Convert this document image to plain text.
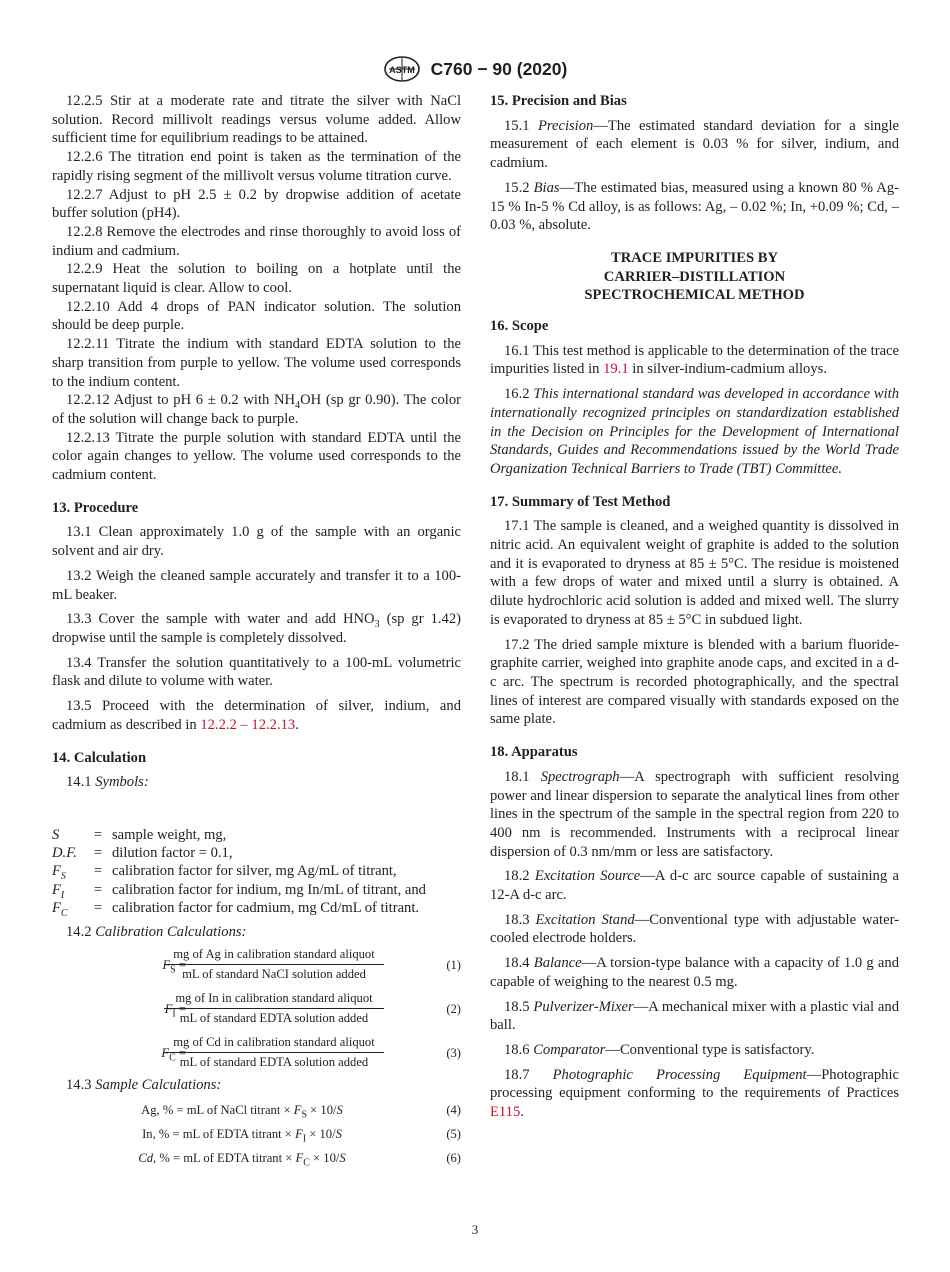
ASTM C760 − 90 (2020)

12.2.5 Stir at a moderate rate and titrate the silver with NaCl solution. Record millivolt readings versus volume added. Allow sufficient time for equilibrium readings to be attained.

12.2.6 The titration end point is taken as the termination of the rapidly rising segment of the millivolt versus volume titration curve.

12.2.7 Adjust to pH 2.5 ± 0.2 by dropwise addition of acetate buffer solution (pH4).

12.2.8 Remove the electrodes and rinse thoroughly to avoid loss of indium and cadmium.

12.2.9 Heat the solution to boiling on a hotplate until the supernatant liquid is clear. Allow to cool.

12.2.10 Add 4 drops of PAN indicator solution. The solution should be deep purple.

12.2.11 Titrate the indium with standard EDTA solution to the sharp transition from purple to yellow. The volume used corresponds to the indium content.

12.2.12 Adjust to pH 6 ± 0.2 with $NH_4OH$ (sp gr 0.90). The color of the solution will change back to purple.

12.2.13 Titrate the purple solution with standard EDTA until the color again changes to yellow. The volume used corresponds to the cadmium content.

13. Procedure

13.1 Clean approximately 1.0 g of the sample with an organic solvent and air dry.

13.2 Weigh the cleaned sample accurately and transfer it to a 100-mL beaker.

13.3 Cover the sample with water and add $HNO_3$ (sp gr 1.42) dropwise until the sample is completely dissolved.

13.4 Transfer the solution quantitatively to a 100-mL volumetric flask and dilute to volume with water.

13.5 Proceed with the determination of silver, indium, and cadmium as described in 12.2.2 – 12.2.13.

14. Calculation

14.1 Symbols:

S	=	sample weight, mg,
D.F.	=	dilution factor = 0.1,
$F_S$	=	calibration factor for silver, mg Ag/mL of titrant,
$F_I$	=	calibration factor for indium, mg In/mL of titrant, and
$F_C$	=	calibration factor for cadmium, mg Cd/mL of titrant.

14.2 Calibration Calculations:

$F_S$ =
mg of Ag in calibration standard aliquot
mL of standard NaCI solution added
(1)
$F_I$ =
mg of In in calibration standard aliquot
mL of standard EDTA solution added
(2)
$F_C$ =
mg of Cd in calibration standard aliquot
mL of standard EDTA solution added
(3)

14.3 Sample Calculations:

Ag, % = mL of NaCl titrant × $F_S \times 10/S$	(4)
In, % = mL of EDTA titrant × $F_I \times 10/S$	(5)
Cd, % = mL of EDTA titrant × $F_C \times 10/S$	(6)
15. Precision and Bias

15.1 Precision—The estimated standard deviation for a single measurement of each element is 0.03 % for silver, indium, and cadmium.

15.2 Bias—The estimated bias, measured using a known 80 % Ag-15 % In-5 % Cd alloy, is as follows: Ag, – 0.02 %; In, +0.09 %; Cd, –0.03 %, absolute.

TRACE IMPURITIES BY
CARRIER–DISTILLATION
SPECTROCHEMICAL METHOD
16. Scope

16.1 This test method is applicable to the determination of the trace impurities listed in 19.1 in silver-indium-cadmium alloys.

16.2 This international standard was developed in accordance with internationally recognized principles on standardization established in the Decision on Principles for the Development of International Standards, Guides and Recommendations issued by the World Trade Organization Technical Barriers to Trade (TBT) Committee.

17. Summary of Test Method

17.1 The sample is cleaned, and a weighed quantity is dissolved in nitric acid. An equivalent weight of graphite is added to the solution and it is evaporated to dryness at 85 ± 5°C. The residue is moistened with a few drops of water and mixed until a slurry is obtained. A dilute hydrochloric acid solution is added and mixed well. The slurry is evaporated to dryness at 85 ± 5°C in subdued light.

17.2 The dried sample mixture is blended with a barium fluoride-graphite carrier, weighed into graphite anode caps, and excited in a d-c arc. The spectrum is recorded photographically, and the spectral lines of interest are compared visually with standards exposed on the same plate.

18. Apparatus

18.1 Spectrograph—A spectrograph with sufficient resolving power and linear dispersion to separate the analytical lines from other lines in the spectrum of the sample in the spectral region from 220 to 400 nm is recommended. Instruments with a reciprocal linear dispersion of 0.3 nm/mm or less are satisfactory.

18.2 Excitation Source—A d-c arc source capable of sustaining a 12-A d-c arc.

18.3 Excitation Stand—Conventional type with adjustable water-cooled electrode holders.

18.4 Balance—A torsion-type balance with a capacity of 1.0 g and capable of weighing to the nearest 0.5 mg.

18.5 Pulverizer-Mixer—A mechanical mixer with a plastic vial and ball.

18.6 Comparator—Conventional type is satisfactory.

18.7 Photographic Processing Equipment—Photographic processing equipment conforming to the requirements of Practices E115.

3
